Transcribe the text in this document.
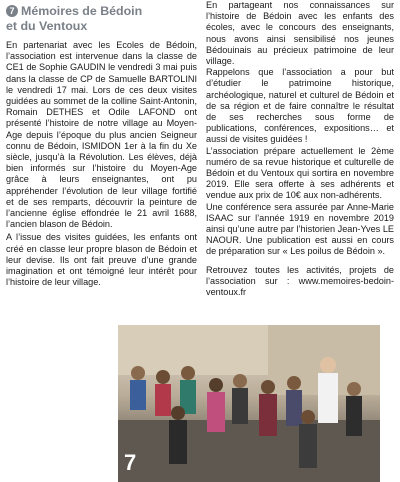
7 Mémoires de Bédoin
et du Ventoux

En partenariat avec les Ecoles de Bédoin, l’association est intervenue dans la classe de CE1 de Sophie GAUDIN le vendredi 3 mai puis dans la classe de CP de Samuelle BARTOLINI le vendredi 17 mai. Lors de ces deux visites guidées au sommet de la colline Saint-Antonin, Romain DETHES et Odile LAFOND ont présenté l’histoire de notre village au Moyen-Age depuis l’époque du plus ancien Seigneur connu de Bédoin, ISMIDON 1er à la fin du Xe siècle, jusqu’à la Révolution. Les élèves, déjà bien informés sur l’histoire du Moyen-Age grâce à leurs enseignantes, ont pu appréhender l’évolution de leur village fortifié et de ses remparts, découvrir la peinture de l’ancienne église effondrée le 21 avril 1688, l’ancien blason de Bédoin.

A l’issue des visites guidées, les enfants ont créé en classe leur propre blason de Bédoin et leur devise. Ils ont fait preuve d’une grande imagination et ont témoigné leur intérêt pour l’histoire de leur village.

En partageant nos connaissances sur l’histoire de Bédoin avec les enfants des écoles, avec le concours des enseignants, nous avons ainsi sensibilisé nos jeunes Bédouinais au précieux patrimoine de leur village.

Rappelons que l’association a pour but d’étudier le patrimoine historique, archéologique, naturel et culturel de Bédoin et de sa région et de faire connaître le résultat de ses recherches sous forme de publications, conférences, expositions… et aussi de visites guidées !

L’association prépare actuellement le 2ème numéro de sa revue historique et culturelle de Bédoin et du Ventoux qui sortira en novembre 2019. Elle sera offerte à ses adhérents et vendue aux prix de 10€ aux non-adhérents.

Une conférence sera assurée par Anne-Marie ISAAC sur l’année 1919 en novembre 2019 ainsi qu’une autre par l’historien Jean-Yves LE NAOUR. Une publication est aussi en cours de préparation sur « Les poilus de Bédoin ».

Retrouvez toutes les activités, projets de l’association sur : www.memoires-bedoin-ventoux.fr

7
